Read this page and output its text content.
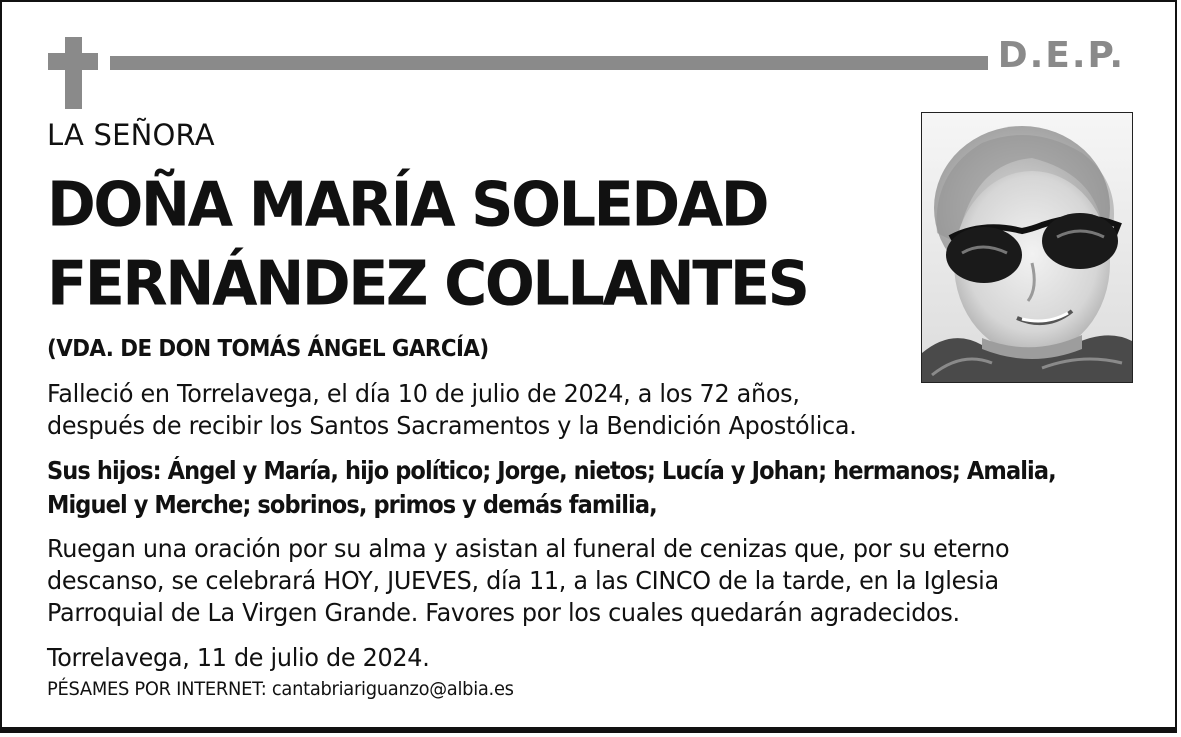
D.E.P.
LA SEÑORA
DOÑA MARÍA SOLEDAD
FERNÁNDEZ COLLANTES
(VDA. DE DON TOMÁS ÁNGEL GARCÍA)
Falleció en Torrelavega, el día 10 de julio de 2024, a los 72 años,
después de recibir los Santos Sacramentos y la Bendición Apostólica.
Sus hijos: Ángel y María, hijo político; Jorge, nietos; Lucía y Johan; hermanos; Amalia,
Miguel y Merche; sobrinos, primos y demás familia,
Ruegan una oración por su alma y asistan al funeral de cenizas que, por su eterno
descanso, se celebrará HOY, JUEVES, día 11, a las CINCO de la tarde, en la Iglesia
Parroquial de La Virgen Grande. Favores por los cuales quedarán agradecidos.
Torrelavega, 11 de julio de 2024.
PÉSAMES POR INTERNET: cantabriariguanzo@albia.es
